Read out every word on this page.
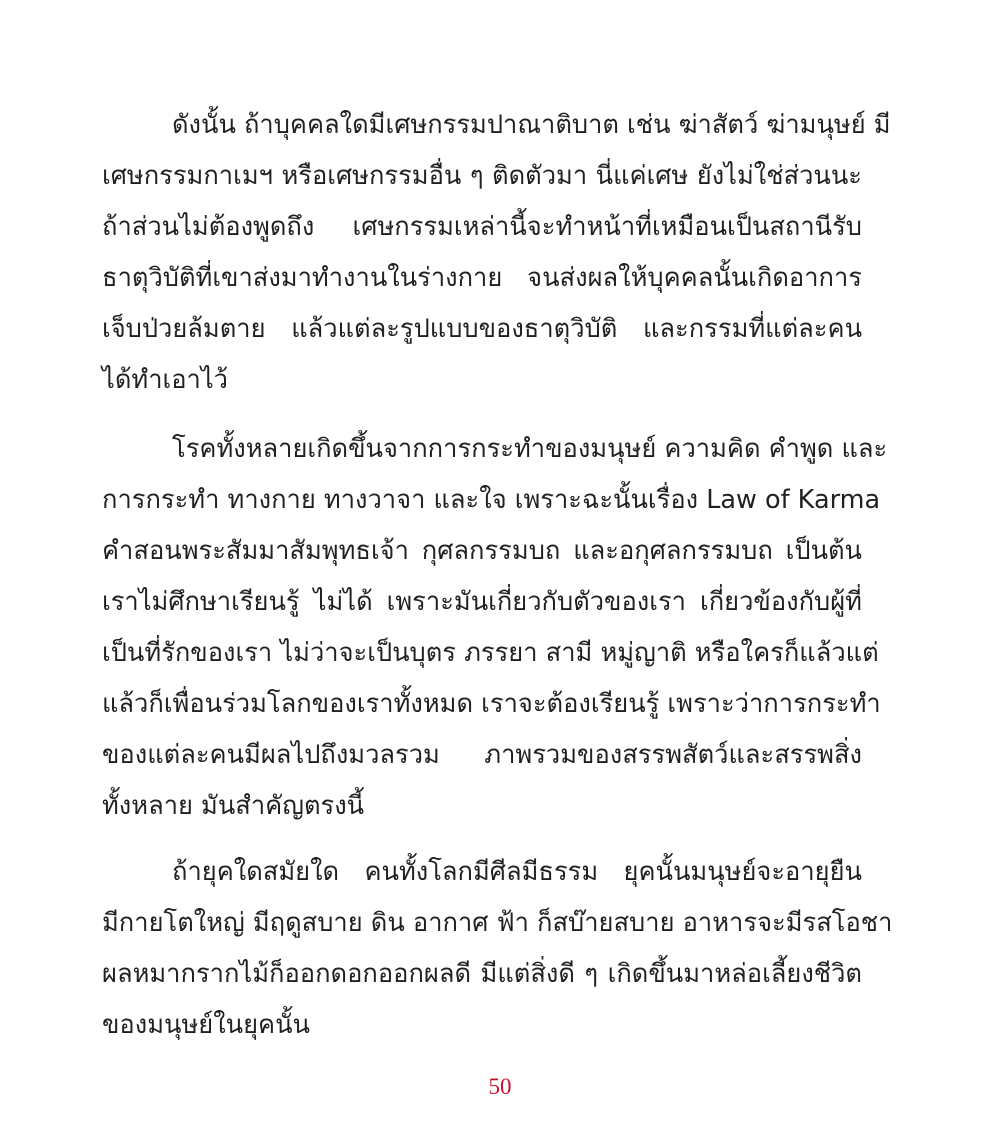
ดังนั้น ถ้าบุคคลใดมีเศษกรรมปาณาติบาต เช่น ฆ่าสัตว์ ฆ่ามนุษย์ มี
เศษกรรมกาเมฯ หรือเศษกรรมอื่น ๆ ติดตัวมา นี่แค่เศษ ยังไม่ใช่ส่วนนะ
ถ้าส่วนไม่ต้องพูดถึง เศษกรรมเหล่านี้จะทำหน้าที่เหมือนเป็นสถานีรับ
ธาตุวิบัติที่เขาส่งมาทำงานในร่างกาย จนส่งผลให้บุคคลนั้นเกิดอาการ
เจ็บป่วยล้มตาย แล้วแต่ละรูปแบบของธาตุวิบัติ และกรรมที่แต่ละคน
ได้ทำเอาไว้
โรคทั้งหลายเกิดขึ้นจากการกระทำของมนุษย์ ความคิด คำพูด และ
การกระทำ ทางกาย ทางวาจา และใจ เพราะฉะนั้นเรื่อง Law of Karma
คำสอนพระสัมมาสัมพุทธเจ้า กุศลกรรมบถ และอกุศลกรรมบถ เป็นต้น
เราไม่ศึกษาเรียนรู้ ไม่ได้ เพราะมันเกี่ยวกับตัวของเรา เกี่ยวข้องกับผู้ที่
เป็นที่รักของเรา ไม่ว่าจะเป็นบุตร ภรรยา สามี หมู่ญาติ หรือใครก็แล้วแต่
แล้วก็เพื่อนร่วมโลกของเราทั้งหมด เราจะต้องเรียนรู้ เพราะว่าการกระทำ
ของแต่ละคนมีผลไปถึงมวลรวม ภาพรวมของสรรพสัตว์และสรรพสิ่ง
ทั้งหลาย มันสำคัญตรงนี้
ถ้ายุคใดสมัยใด คนทั้งโลกมีศีลมีธรรม ยุคนั้นมนุษย์จะอายุยืน
มีกายโตใหญ่ มีฤดูสบาย ดิน อากาศ ฟ้า ก็สบ๊ายสบาย อาหารจะมีรสโอชา
ผลหมากรากไม้ก็ออกดอกออกผลดี มีแต่สิ่งดี ๆ เกิดขึ้นมาหล่อเลี้ยงชีวิต
ของมนุษย์ในยุคนั้น
50
